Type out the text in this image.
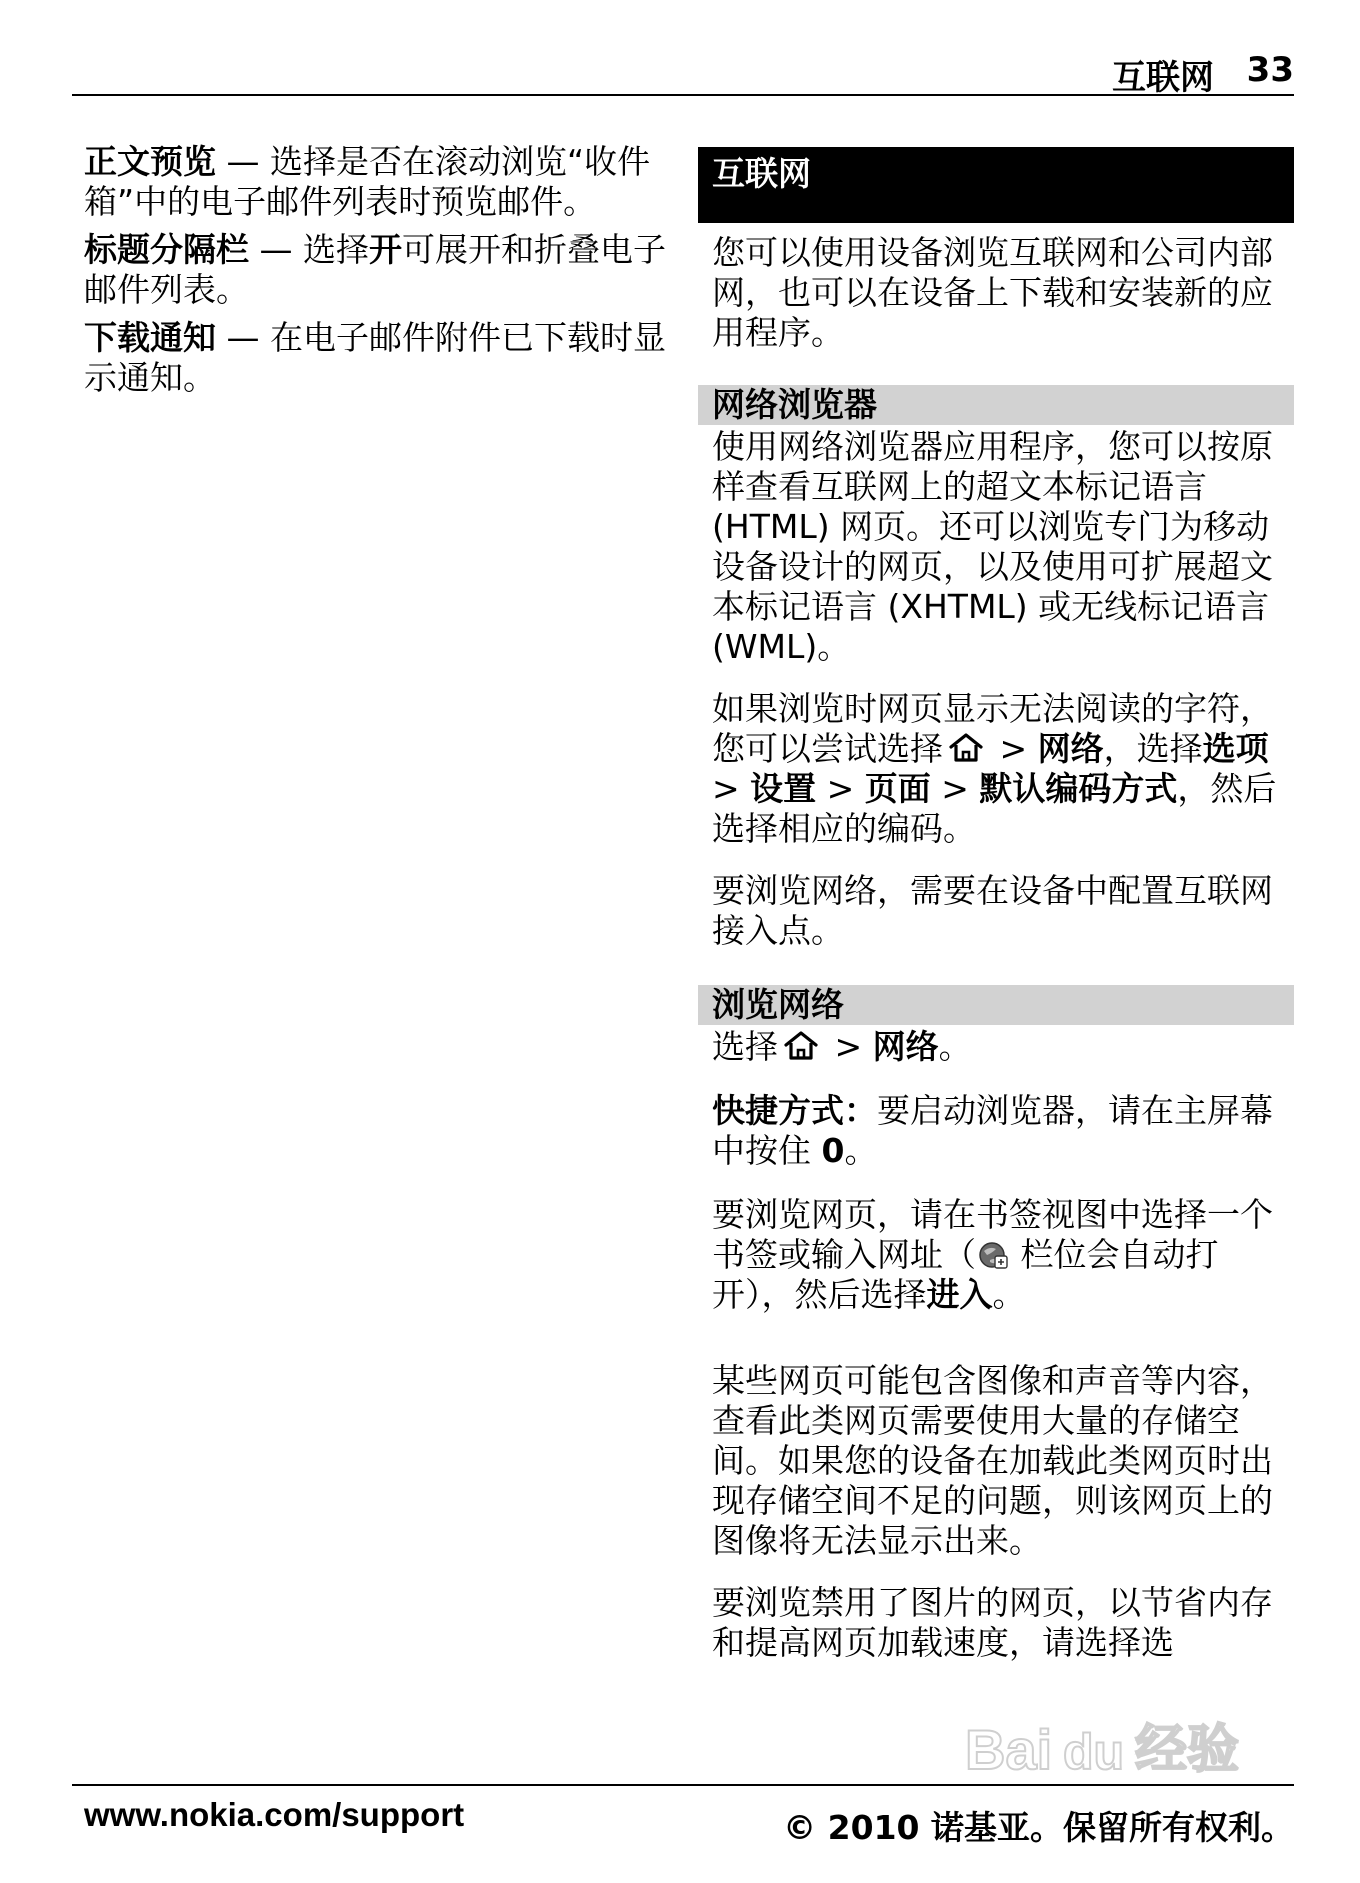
互联网 33

正文预览 — 选择是否在滚动浏览“收件箱”中的电子邮件列表时预览邮件。

标题分隔栏 — 选择开可展开和折叠电子邮件列表。

下载通知 — 在电子邮件附件已下载时显示通知。

互联网

您可以使用设备浏览互联网和公司内部网，也可以在设备上下载和安装新的应用程序。

网络浏览器

使用网络浏览器应用程序，您可以按原样查看互联网上的超文本标记语言 (HTML) 网页。还可以浏览专门为移动设备设计的网页，以及使用可扩展超文本标记语言 (XHTML) 或无线标记语言 (WML)。

如果浏览时网页显示无法阅读的字符，您可以尝试选择 > 网络，选择选项 > 设置 > 页面 > 默认编码方式，然后选择相应的编码。

要浏览网络，需要在设备中配置互联网接入点。

浏览网络

选择 > 网络。

快捷方式：要启动浏览器，请在主屏幕中按住 0。

要浏览网页，请在书签视图中选择一个书签或输入网址（ 栏位会自动打开），然后选择进入。

某些网页可能包含图像和声音等内容，查看此类网页需要使用大量的存储空间。如果您的设备在加载此类网页时出现存储空间不足的问题，则该网页上的图像将无法显示出来。

要浏览禁用了图片的网页，以节省内存和提高网页加载速度，请选择选

Bai du 经验
www.nokia.com/support	© 2010 诺基亚。保留所有权利。
